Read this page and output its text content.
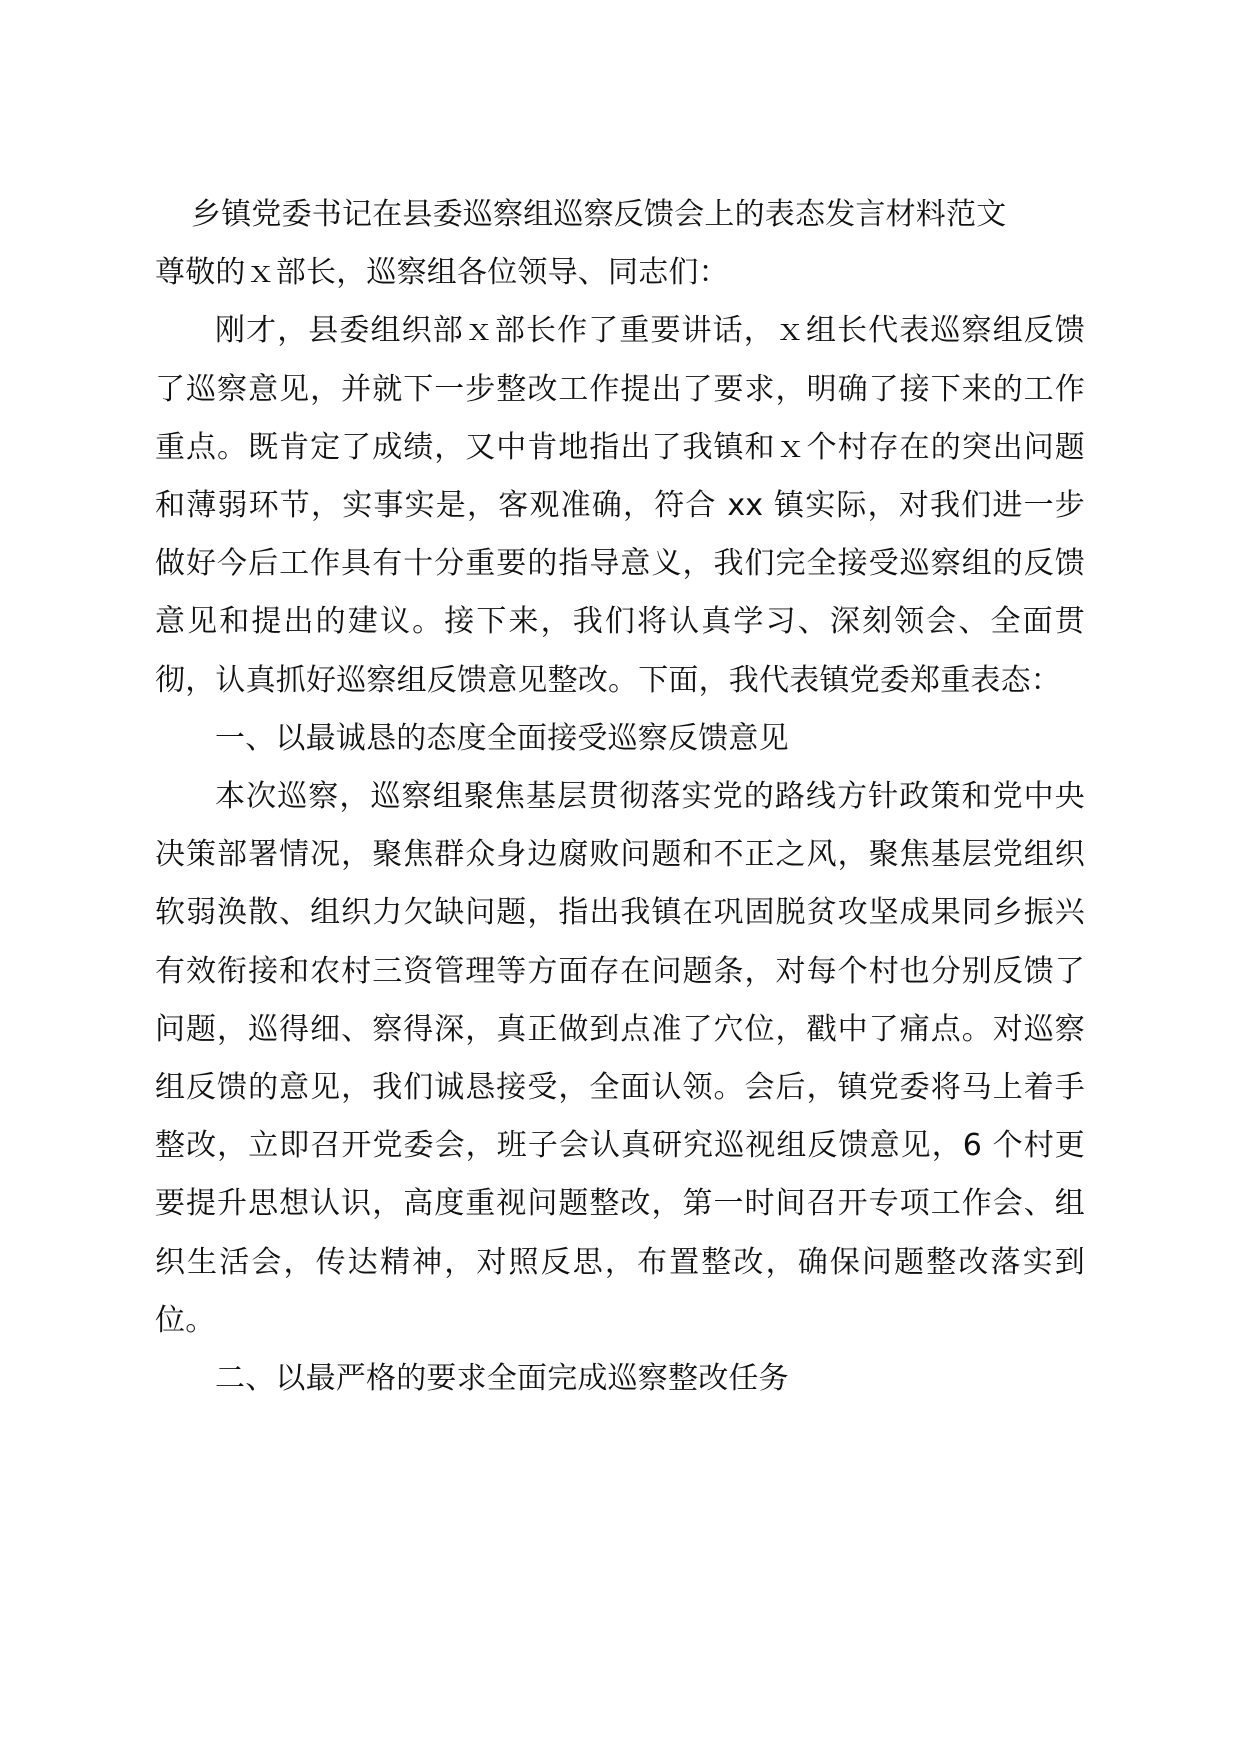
乡镇党委书记在县委巡察组巡察反馈会上的表态发言材料范文

尊敬的ｘ部长，巡察组各位领导、同志们：

刚才，县委组织部ｘ部长作了重要讲话，ｘ组长代表巡察组反馈了巡察意见，并就下一步整改工作提出了要求，明确了接下来的工作重点。既肯定了成绩，又中肯地指出了我镇和ｘ个村存在的突出问题和薄弱环节，实事实是，客观准确，符合 xx 镇实际，对我们进一步做好今后工作具有十分重要的指导意义，我们完全接受巡察组的反馈意见和提出的建议。接下来，我们将认真学习、深刻领会、全面贯彻，认真抓好巡察组反馈意见整改。下面，我代表镇党委郑重表态：

一、以最诚恳的态度全面接受巡察反馈意见

本次巡察，巡察组聚焦基层贯彻落实党的路线方针政策和党中央决策部署情况，聚焦群众身边腐败问题和不正之风，聚焦基层党组织软弱涣散、组织力欠缺问题，指出我镇在巩固脱贫攻坚成果同乡振兴有效衔接和农村三资管理等方面存在问题条，对每个村也分别反馈了问题，巡得细、察得深，真正做到点准了穴位，戳中了痛点。对巡察组反馈的意见，我们诚恳接受，全面认领。会后，镇党委将马上着手整改，立即召开党委会，班子会认真研究巡视组反馈意见，6 个村更要提升思想认识，高度重视问题整改，第一时间召开专项工作会、组织生活会，传达精神，对照反思，布置整改，确保问题整改落实到位。

二、以最严格的要求全面完成巡察整改任务
